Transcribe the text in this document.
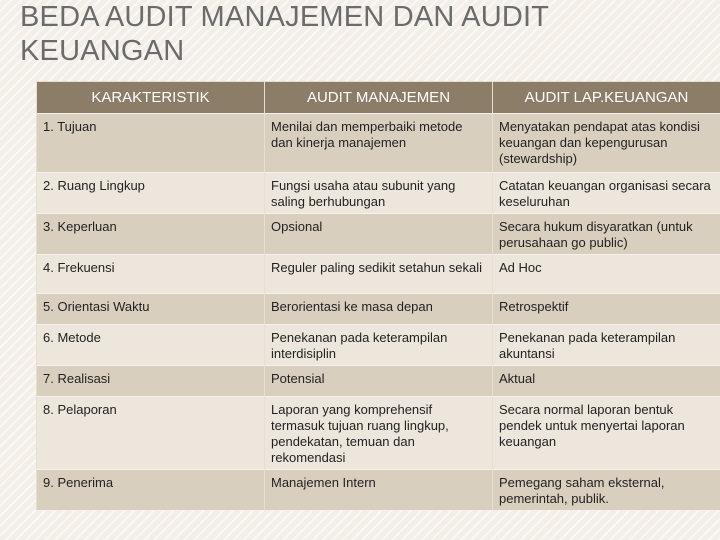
BEDA AUDIT MANAJEMEN DAN AUDIT
KEUANGAN
KARAKTERISTIK	AUDIT MANAJEMEN	AUDIT LAP.KEUANGAN
1. Tujuan	Menilai dan memperbaiki metode dan kinerja manajemen	Menyatakan pendapat atas kondisi keuangan dan kepengurusan (stewardship)
2. Ruang Lingkup	Fungsi usaha atau subunit yang saling berhubungan	Catatan keuangan organisasi secara keseluruhan
3. Keperluan	Opsional	Secara hukum disyaratkan (untuk perusahaan go public)
4. Frekuensi	Reguler paling sedikit setahun sekali	Ad Hoc
5. Orientasi Waktu	Berorientasi ke masa depan	Retrospektif
6. Metode	Penekanan pada keterampilan interdisiplin	Penekanan pada keterampilan akuntansi
7. Realisasi	Potensial	Aktual
8. Pelaporan	Laporan yang komprehensif termasuk tujuan ruang lingkup, pendekatan, temuan dan rekomendasi	Secara normal laporan bentuk pendek untuk menyertai laporan keuangan
9. Penerima	Manajemen Intern	Pemegang saham eksternal, pemerintah, publik.
